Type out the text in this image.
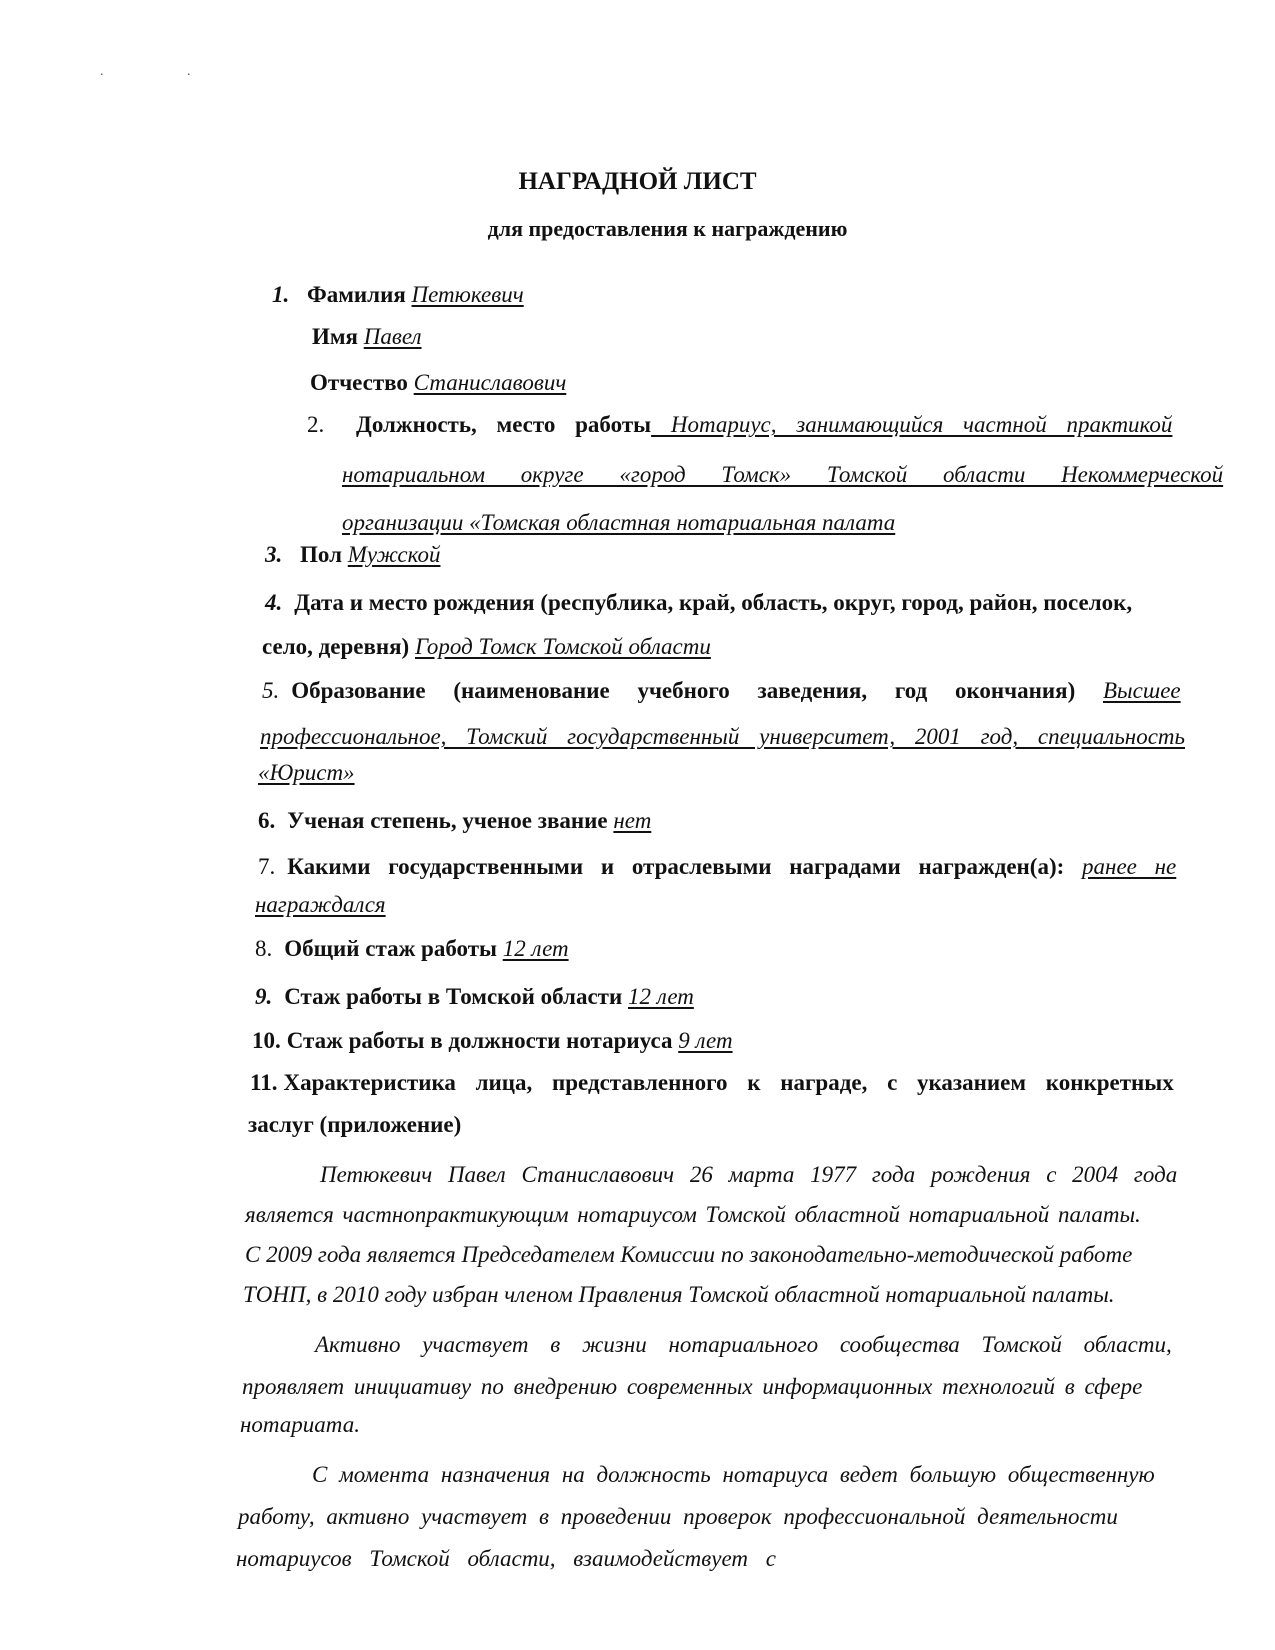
. .
НАГРАДНОЙ ЛИСТ
для предоставления к награждению
1. Фамилия Петюкевич
Имя Павел
Отчество Станиславович
2. Должность, место работы Нотариус, занимающийся частной практикой
нотариальном округе «город Томск» Томской области Некоммерческой
организации «Томская областная нотариальная палата
3. Пол Мужской
4. Дата и место рождения (республика, край, область, округ, город, район, поселок,
село, деревня) Город Томск Томской области
5. Образование (наименование учебного заведения, год окончания) Высшее
профессиональное, Томский государственный университет, 2001 год, специальность
«Юрист»
6. Ученая степень, ученое звание нет
7. Какими государственными и отраслевыми наградами награжден(а): ранее не
награждался
8. Общий стаж работы 12 лет
9. Стаж работы в Томской области 12 лет
10. Стаж работы в должности нотариуса 9 лет
11. Характеристика лица, представленного к награде, с указанием конкретных
заслуг (приложение)
Петюкевич Павел Станиславович 26 марта 1977 года рождения с 2004 года
является частнопрактикующим нотариусом Томской областной нотариальной палаты.
С 2009 года является Председателем Комиссии по законодательно-методической работе
ТОНП, в 2010 году избран членом Правления Томской областной нотариальной палаты.
Активно участвует в жизни нотариального сообщества Томской области,
проявляет инициативу по внедрению современных информационных технологий в сфере
нотариата.
С момента назначения на должность нотариуса ведет большую общественную
работу, активно участвует в проведении проверок профессиональной деятельности
нотариусов Томской области, взаимодействует с
